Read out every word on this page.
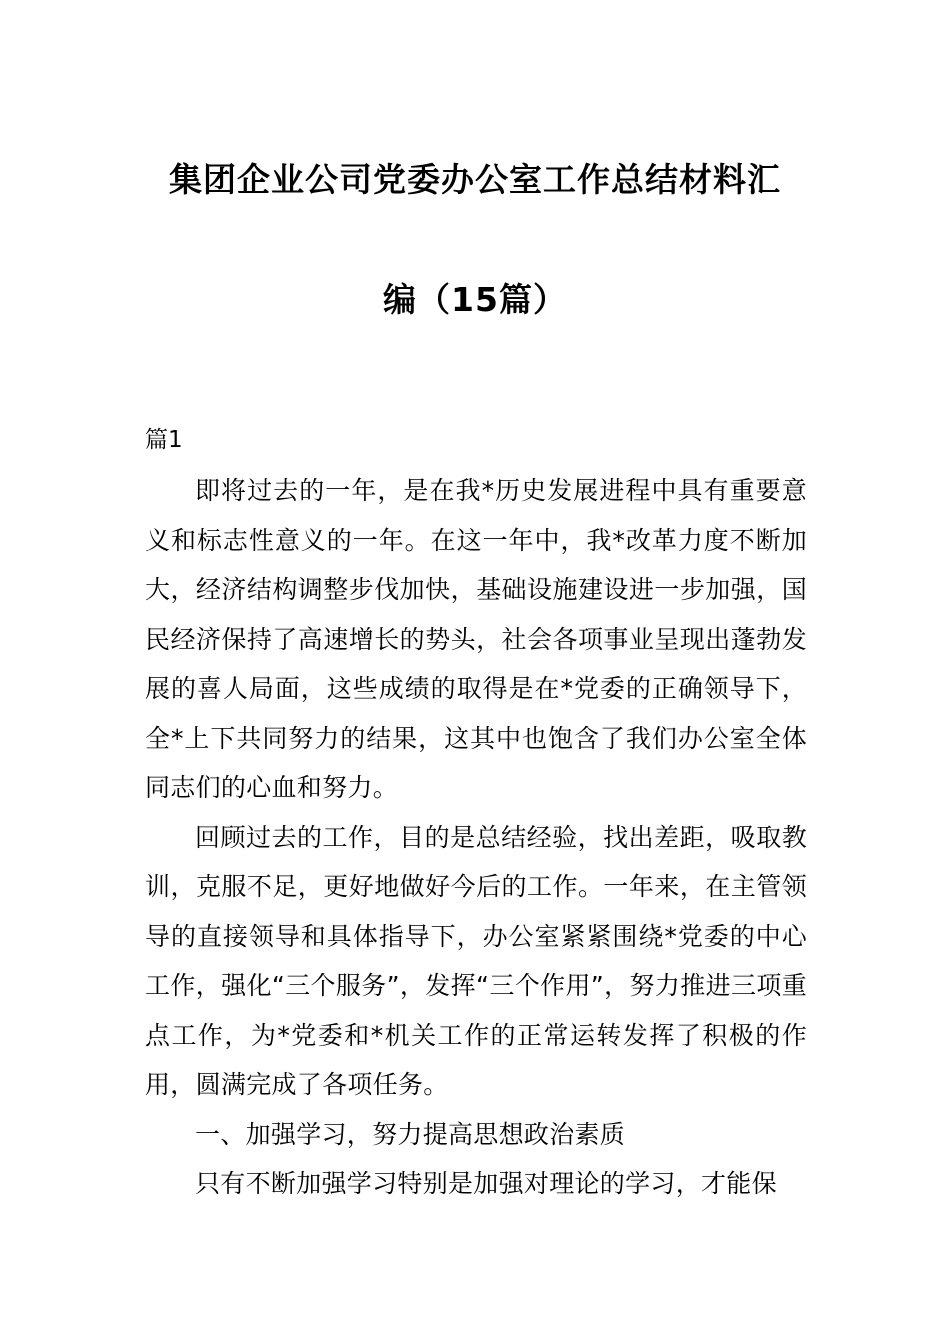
集团企业公司党委办公室工作总结材料汇
编（15篇）
篇1

即将过去的一年，是在我*历史发展进程中具有重要意义和标志性意义的一年。在这一年中，我*改革力度不断加大，经济结构调整步伐加快，基础设施建设进一步加强，国民经济保持了高速增长的势头，社会各项事业呈现出蓬勃发展的喜人局面，这些成绩的取得是在*党委的正确领导下，全*上下共同努力的结果，这其中也饱含了我们办公室全体同志们的心血和努力。

回顾过去的工作，目的是总结经验，找出差距，吸取教训，克服不足，更好地做好今后的工作。一年来，在主管领导的直接领导和具体指导下，办公室紧紧围绕*党委的中心工作，强化“三个服务”，发挥“三个作用”，努力推进三项重点工作，为*党委和*机关工作的正常运转发挥了积极的作用，圆满完成了各项任务。

一、加强学习，努力提高思想政治素质

只有不断加强学习特别是加强对理论的学习，才能保
